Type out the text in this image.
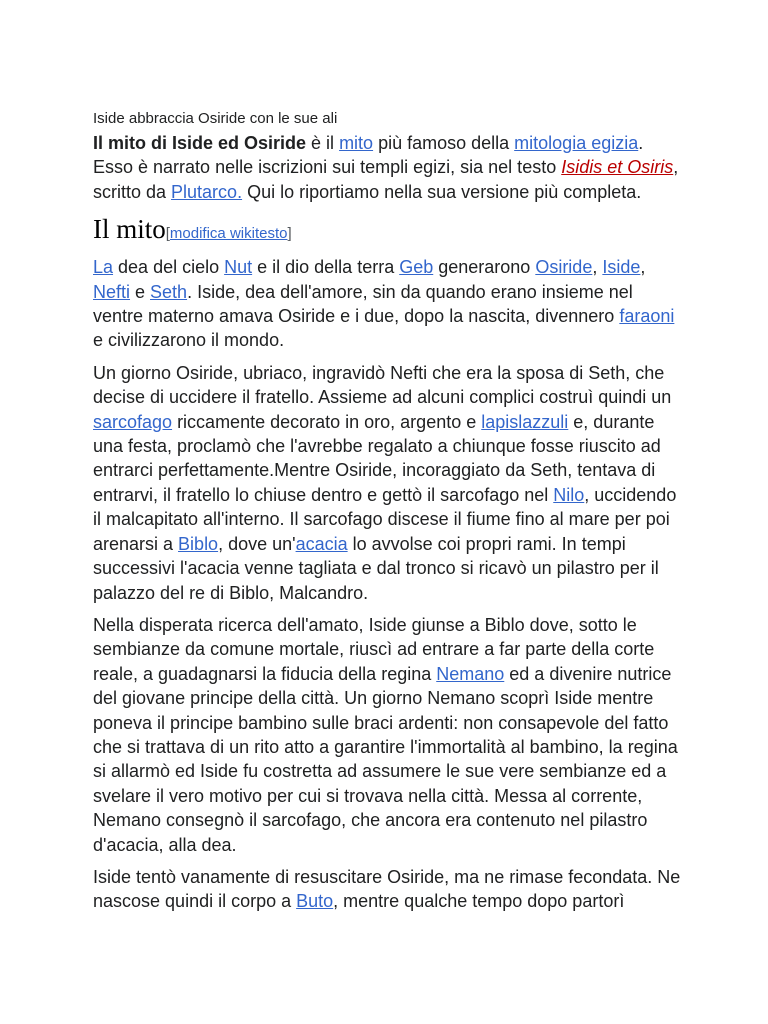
Iside abbraccia Osiride con le sue ali

Il mito di Iside ed Osiride è il mito più famoso della mitologia egizia. Esso è narrato nelle iscrizioni sui templi egizi, sia nel testo Isidis et Osiris, scritto da Plutarco. Qui lo riportiamo nella sua versione più completa.

Il mito[modifica wikitesto]

La dea del cielo Nut e il dio della terra Geb generarono Osiride, Iside, Nefti e Seth. Iside, dea dell'amore, sin da quando erano insieme nel ventre materno amava Osiride e i due, dopo la nascita, divennero faraoni e civilizzarono il mondo.

Un giorno Osiride, ubriaco, ingravidò Nefti che era la sposa di Seth, che decise di uccidere il fratello. Assieme ad alcuni complici costruì quindi un sarcofago riccamente decorato in oro, argento e lapislazzuli e, durante una festa, proclamò che l'avrebbe regalato a chiunque fosse riuscito ad entrarci perfettamente.Mentre Osiride, incoraggiato da Seth, tentava di entrarvi, il fratello lo chiuse dentro e gettò il sarcofago nel Nilo, uccidendo il malcapitato all'interno. Il sarcofago discese il fiume fino al mare per poi arenarsi a Biblo, dove un'acacia lo avvolse coi propri rami. In tempi successivi l'acacia venne tagliata e dal tronco si ricavò un pilastro per il palazzo del re di Biblo, Malcandro.

Nella disperata ricerca dell'amato, Iside giunse a Biblo dove, sotto le sembianze da comune mortale, riuscì ad entrare a far parte della corte reale, a guadagnarsi la fiducia della regina Nemano ed a divenire nutrice del giovane principe della città. Un giorno Nemano scoprì Iside mentre poneva il principe bambino sulle braci ardenti: non consapevole del fatto che si trattava di un rito atto a garantire l'immortalità al bambino, la regina si allarmò ed Iside fu costretta ad assumere le sue vere sembianze ed a svelare il vero motivo per cui si trovava nella città. Messa al corrente, Nemano consegnò il sarcofago, che ancora era contenuto nel pilastro d'acacia, alla dea.

Iside tentò vanamente di resuscitare Osiride, ma ne rimase fecondata. Ne nascose quindi il corpo a Buto, mentre qualche tempo dopo partorì
